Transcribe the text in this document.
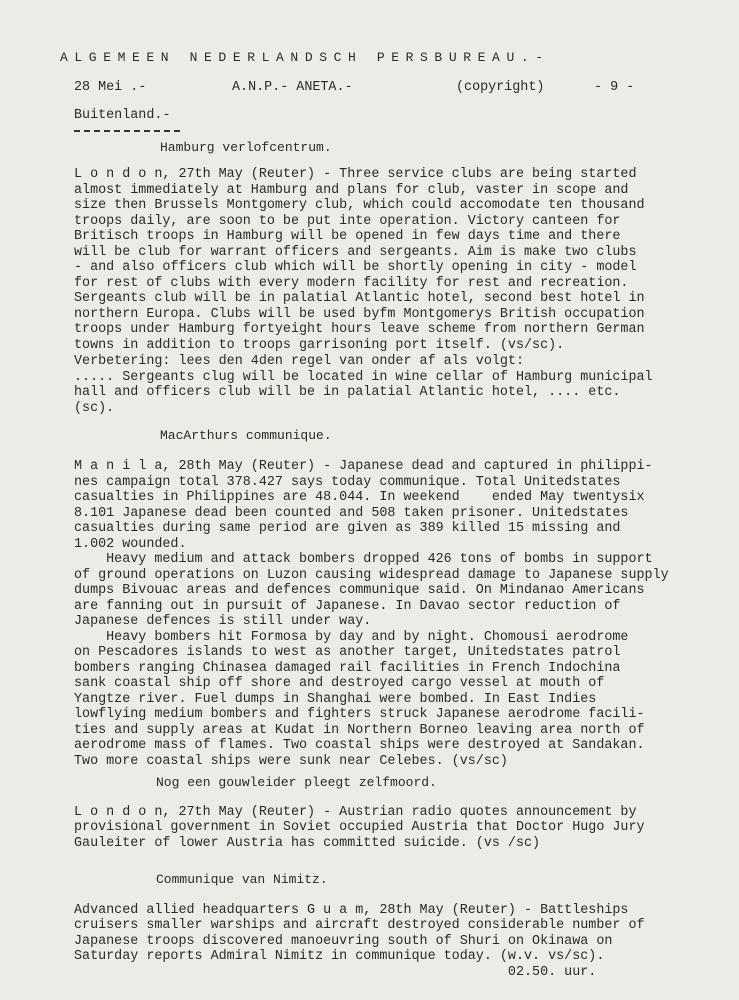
ALGEMEEN NEDERLANDSCH PERSBUREAU.-
28 Mei .-	A.N.P.- ANETA.-	(copyright)	- 9 -
Buitenland.-
Hamburg verlofcentrum.
L o n d o n, 27th May (Reuter) - Three service clubs are being started
almost immediately at Hamburg and plans for club, vaster in scope and
size then Brussels Montgomery club, which could accomodate ten thousand
troops daily, are soon to be put inte operation. Victory canteen for
Britisch troops in Hamburg will be opened in few days time and there
will be club for warrant officers and sergeants. Aim is make two clubs
- and also officers club which will be shortly opening in city - model
for rest of clubs with every modern facility for rest and recreation.
Sergeants club will be in palatial Atlantic hotel, second best hotel in
northern Europa. Clubs will be used byfm Montgomerys British occupation
troops under Hamburg fortyeight hours leave scheme from northern German
towns in addition to troops garrisoning port itself. (vs/sc).
Verbetering: lees den 4den regel van onder af als volgt:
..... Sergeants clug will be located in wine cellar of Hamburg municipal
hall and officers club will be in palatial Atlantic hotel, .... etc.
(sc).
MacArthurs communique.
M a n i l a, 28th May (Reuter) - Japanese dead and captured in philippi-
nes campaign total 378.427 says today communique. Total Unitedstates
casualties in Philippines are 48.044. In weekend    ended May twentysix
8.101 Japanese dead been counted and 508 taken prisoner. Unitedstates
casualties during same period are given as 389 killed 15 missing and
1.002 wounded.
Heavy medium and attack bombers dropped 426 tons of bombs in support
of ground operations on Luzon causing widespread damage to Japanese supply
dumps Bivouac areas and defences communique said. On Mindanao Americans
are fanning out in pursuit of Japanese. In Davao sector reduction of
Japanese defences is still under way.
Heavy bombers hit Formosa by day and by night. Chomousi aerodrome
on Pescadores islands to west as another target, Unitedstates patrol
bombers ranging Chinasea damaged rail facilities in French Indochina
sank coastal ship off shore and destroyed cargo vessel at mouth of
Yangtze river. Fuel dumps in Shanghai were bombed. In East Indies
lowflying medium bombers and fighters struck Japanese aerodrome facili-
ties and supply areas at Kudat in Northern Borneo leaving area north of
aerodrome mass of flames. Two coastal ships were destroyed at Sandakan.
Two more coastal ships were sunk near Celebes. (vs/sc)
Nog een gouwleider pleegt zelfmoord.
L o n d o n, 27th May (Reuter) - Austrian radio quotes announcement by
provisional government in Soviet occupied Austria that Doctor Hugo Jury
Gauleiter of lower Austria has committed suicide. (vs /sc)
Communique van Nimitz.
Advanced allied headquarters G u a m, 28th May (Reuter) - Battleships
cruisers smaller warships and aircraft destroyed considerable number of
Japanese troops discovered manoeuvring south of Shuri on Okinawa on
Saturday reports Admiral Nimitz in communique today. (w.v. vs/sc).
02.50. uur.
